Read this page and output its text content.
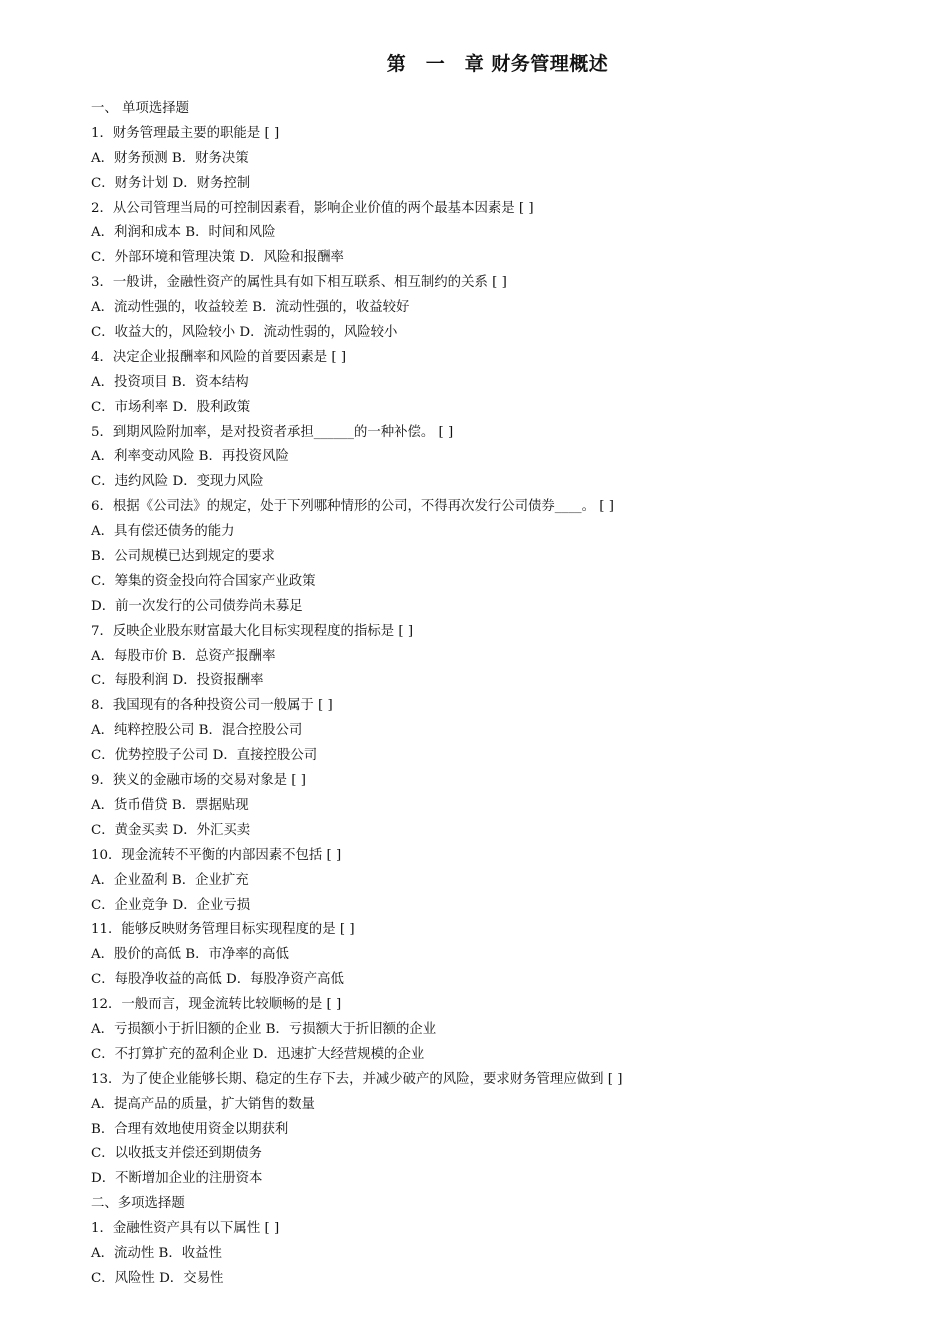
第　一　章 财务管理概述
一、 单项选择题
1．财务管理最主要的职能是 [ ]
A．财务预测 B．财务决策
C．财务计划 D．财务控制
2．从公司管理当局的可控制因素看，影响企业价值的两个最基本因素是 [ ]
A．利润和成本 B．时间和风险
C．外部环境和管理决策 D．风险和报酬率
3．一般讲，金融性资产的属性具有如下相互联系、相互制约的关系 [ ]
A．流动性强的，收益较差 B．流动性强的，收益较好
C．收益大的，风险较小 D．流动性弱的，风险较小
4．决定企业报酬率和风险的首要因素是 [ ]
A．投资项目 B．资本结构
C．市场利率 D．股利政策
5．到期风险附加率，是对投资者承担______的一种补偿。 [ ]
A．利率变动风险 B．再投资风险
C．违约风险 D．变现力风险
6．根据《公司法》的规定，处于下列哪种情形的公司，不得再次发行公司债券____。 [ ]
A．具有偿还债务的能力
B．公司规模已达到规定的要求
C．筹集的资金投向符合国家产业政策
D．前一次发行的公司债券尚未募足
7．反映企业股东财富最大化目标实现程度的指标是 [ ]
A．每股市价 B．总资产报酬率
C．每股利润 D．投资报酬率
8．我国现有的各种投资公司一般属于 [ ]
A．纯粹控股公司 B．混合控股公司
C．优势控股子公司 D．直接控股公司
9．狭义的金融市场的交易对象是 [ ]
A．货币借贷 B．票据贴现
C．黄金买卖 D．外汇买卖
10．现金流转不平衡的内部因素不包括 [ ]
A．企业盈利 B．企业扩充
C．企业竞争 D．企业亏损
11．能够反映财务管理目标实现程度的是 [ ]
A．股价的高低 B．市净率的高低
C．每股净收益的高低 D．每股净资产高低
12．一般而言，现金流转比较顺畅的是 [ ]
A．亏损额小于折旧额的企业 B．亏损额大于折旧额的企业
C．不打算扩充的盈利企业 D．迅速扩大经营规模的企业
13．为了使企业能够长期、稳定的生存下去，并减少破产的风险，要求财务管理应做到 [ ]
A．提高产品的质量，扩大销售的数量
B．合理有效地使用资金以期获利
C．以收抵支并偿还到期债务
D．不断增加企业的注册资本
二、多项选择题
1．金融性资产具有以下属性 [ ]
A．流动性 B．收益性
C．风险性 D．交易性
